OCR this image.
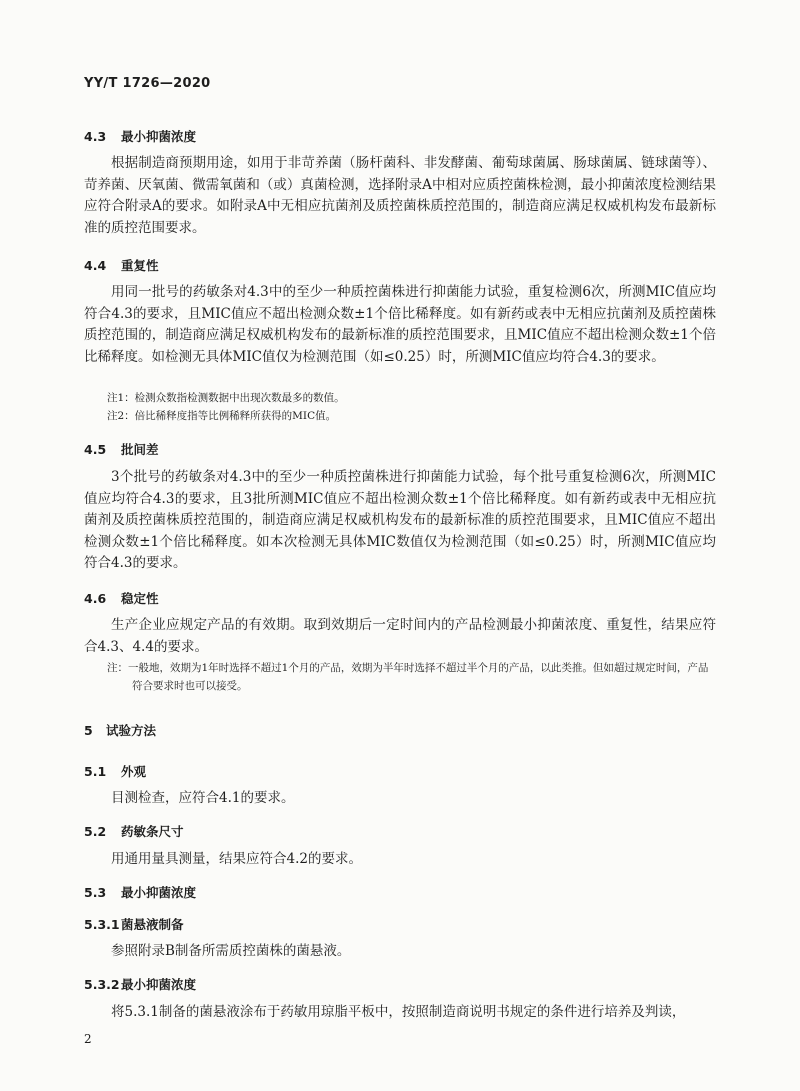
YY/T 1726—2020
4.3 最小抑菌浓度

根据制造商预期用途，如用于非苛养菌（肠杆菌科、非发酵菌、葡萄球菌属、肠球菌属、链球菌等）、苛养菌、厌氧菌、微需氧菌和（或）真菌检测，选择附录A中相对应质控菌株检测，最小抑菌浓度检测结果应符合附录A的要求。如附录A中无相应抗菌剂及质控菌株质控范围的，制造商应满足权威机构发布最新标准的质控范围要求。

4.4 重复性

用同一批号的药敏条对4.3中的至少一种质控菌株进行抑菌能力试验，重复检测6次，所测MIC值应均符合4.3的要求，且MIC值应不超出检测众数±1个倍比稀释度。如有新药或表中无相应抗菌剂及质控菌株质控范围的，制造商应满足权威机构发布的最新标准的质控范围要求，且MIC值应不超出检测众数±1个倍比稀释度。如检测无具体MIC值仅为检测范围（如≤0.25）时，所测MIC值应均符合4.3的要求。

注1：检测众数指检测数据中出现次数最多的数值。

注2：倍比稀释度指等比例稀释所获得的MIC值。

4.5 批间差

3个批号的药敏条对4.3中的至少一种质控菌株进行抑菌能力试验，每个批号重复检测6次，所测MIC值应均符合4.3的要求，且3批所测MIC值应不超出检测众数±1个倍比稀释度。如有新药或表中无相应抗菌剂及质控菌株质控范围的，制造商应满足权威机构发布的最新标准的质控范围要求，且MIC值应不超出检测众数±1个倍比稀释度。如本次检测无具体MIC数值仅为检测范围（如≤0.25）时，所测MIC值应均符合4.3的要求。

4.6 稳定性

生产企业应规定产品的有效期。取到效期后一定时间内的产品检测最小抑菌浓度、重复性，结果应符合4.3、4.4的要求。

注：一般地，效期为1年时选择不超过1个月的产品，效期为半年时选择不超过半个月的产品，以此类推。但如超过规定时间，产品符合要求时也可以接受。

5 试验方法
5.1 外观

目测检查，应符合4.1的要求。

5.2 药敏条尺寸

用通用量具测量，结果应符合4.2的要求。

5.3 最小抑菌浓度
5.3.1菌悬液制备

参照附录B制备所需质控菌株的菌悬液。

5.3.2最小抑菌浓度

将5.3.1制备的菌悬液涂布于药敏用琼脂平板中，按照制造商说明书规定的条件进行培养及判读，

2
